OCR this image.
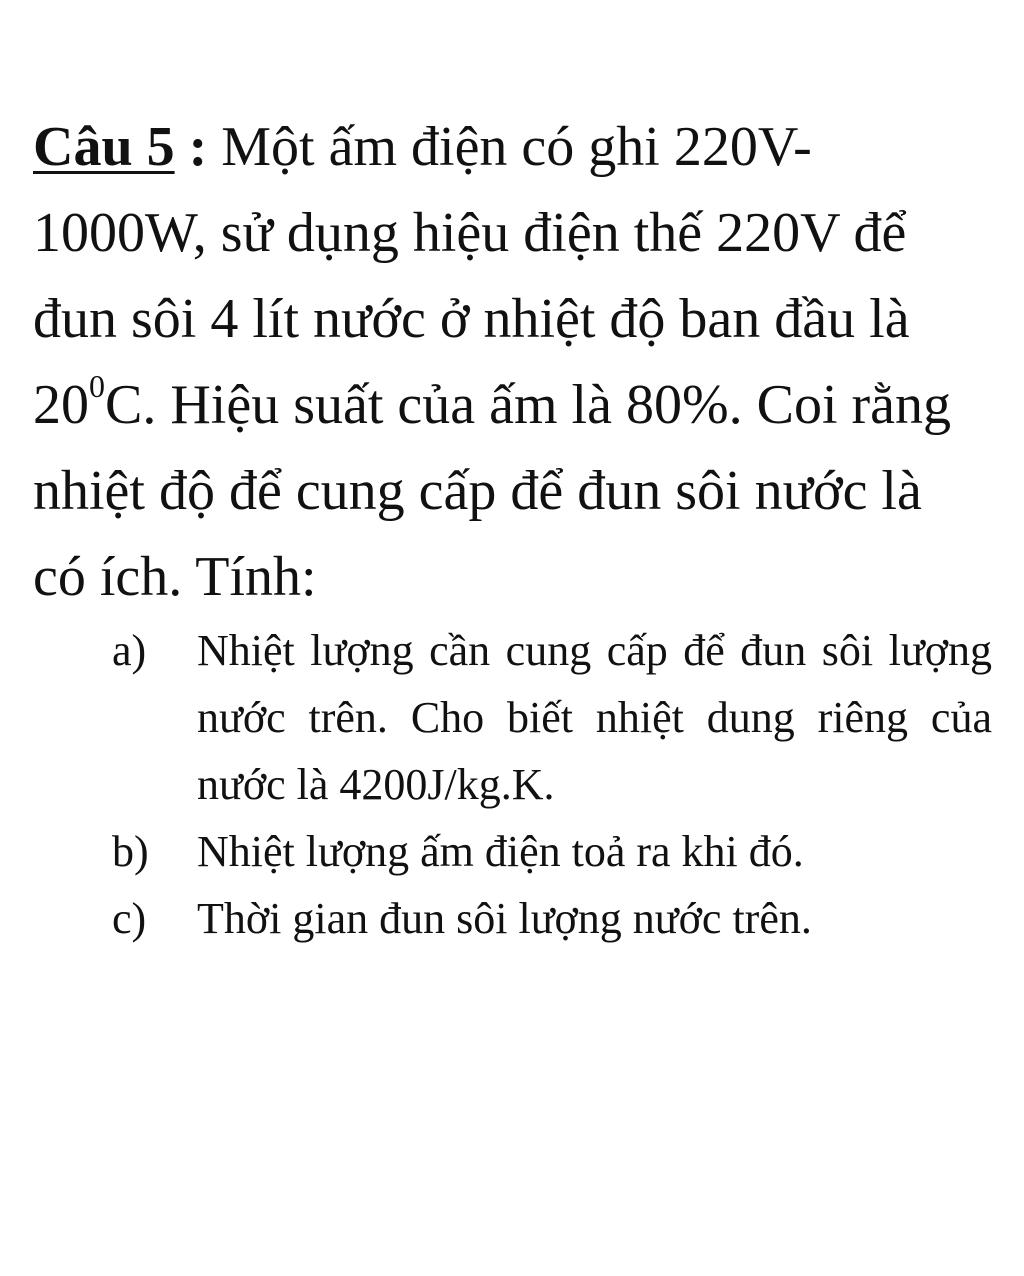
Câu 5 : Một ấm điện có ghi 220V-1000W, sử dụng hiệu điện thế 220V để đun sôi 4 lít nước ở nhiệt độ ban đầu là $20^0C$. Hiệu suất của ấm là 80%. Coi rằng nhiệt độ để cung cấp để đun sôi nước là có ích. Tính:
a)	Nhiệt lượng cần cung cấp để đun sôi lượng nước trên. Cho biết nhiệt dung riêng của nước là 4200J/kg.K.
b)	Nhiệt lượng ấm điện toả ra khi đó.
c)	Thời gian đun sôi lượng nước trên.
